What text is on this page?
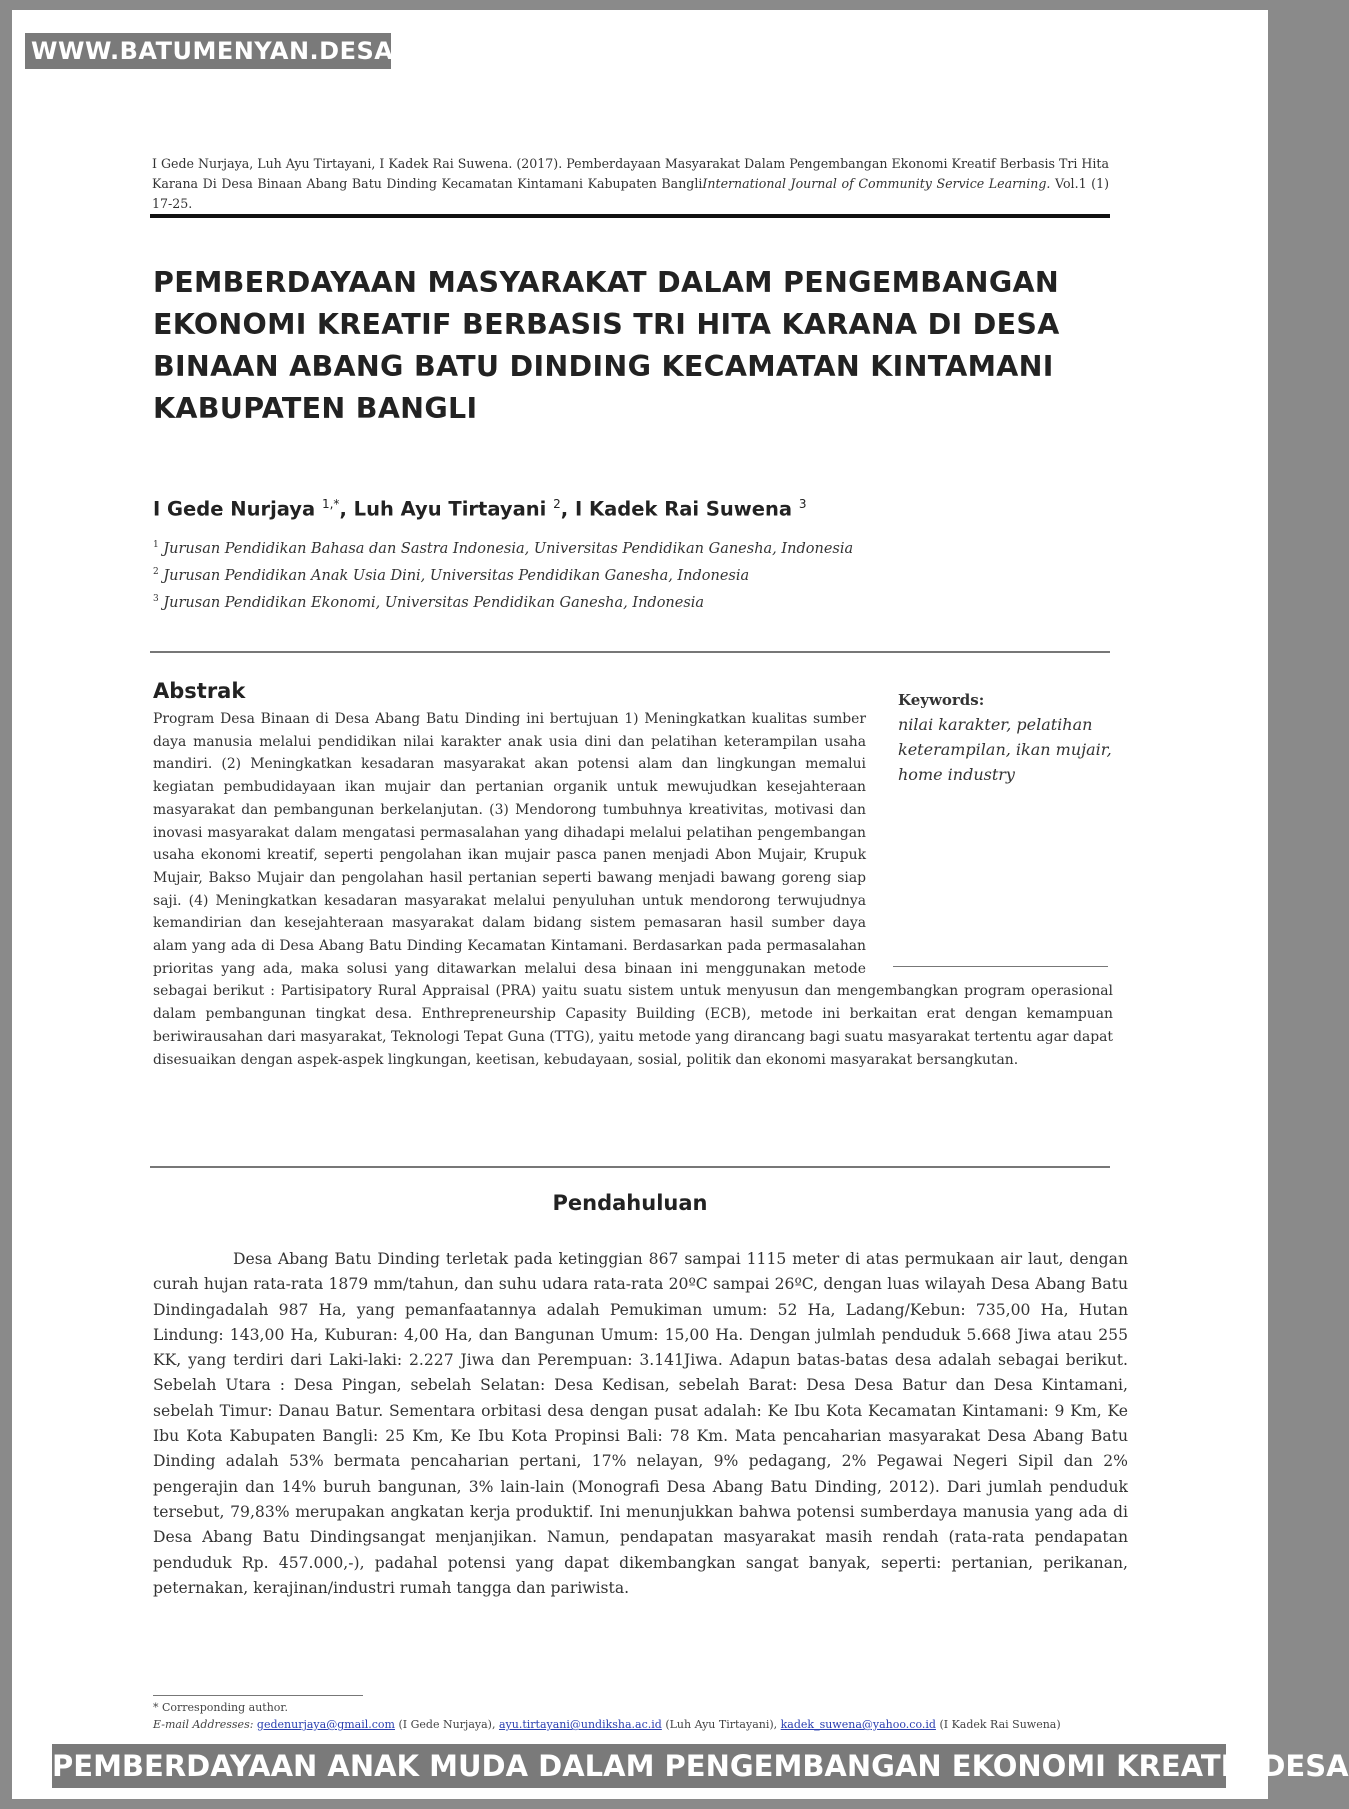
WWW.BATUMENYAN.DESA.ID
I Gede Nurjaya, Luh Ayu Tirtayani, I Kadek Rai Suwena. (2017). Pemberdayaan Masyarakat Dalam Pengembangan Ekonomi Kreatif Berbasis Tri Hita Karana Di Desa Binaan Abang Batu Dinding Kecamatan Kintamani Kabupaten BangliInternational Journal of Community Service Learning. Vol.1 (1) 17-25.
PEMBERDAYAAN MASYARAKAT DALAM PENGEMBANGAN EKONOMI KREATIF BERBASIS TRI HITA KARANA DI DESA BINAAN ABANG BATU DINDING KECAMATAN KINTAMANI KABUPATEN BANGLI
I Gede Nurjaya $^{1,*}$, Luh Ayu Tirtayani $^2$, I Kadek Rai Suwena $^3$
$^1$ Jurusan Pendidikan Bahasa dan Sastra Indonesia, Universitas Pendidikan Ganesha, Indonesia
$^2$ Jurusan Pendidikan Anak Usia Dini, Universitas Pendidikan Ganesha, Indonesia
$^3$ Jurusan Pendidikan Ekonomi, Universitas Pendidikan Ganesha, Indonesia
Abstrak
Program Desa Binaan di Desa Abang Batu Dinding ini bertujuan 1) Meningkatkan kualitas sumber daya manusia melalui pendidikan nilai karakter anak usia dini dan pelatihan keterampilan usaha mandiri. (2) Meningkatkan kesadaran masyarakat akan potensi alam dan lingkungan memalui kegiatan pembudidayaan ikan mujair dan pertanian organik untuk mewujudkan kesejahteraan masyarakat dan pembangunan berkelanjutan. (3) Mendorong tumbuhnya kreativitas, motivasi dan inovasi masyarakat dalam mengatasi permasalahan yang dihadapi melalui pelatihan pengembangan usaha ekonomi kreatif, seperti pengolahan ikan mujair pasca panen menjadi Abon Mujair, Krupuk Mujair, Bakso Mujair dan pengolahan hasil pertanian seperti bawang menjadi bawang goreng siap saji. (4) Meningkatkan kesadaran masyarakat melalui penyuluhan untuk mendorong terwujudnya kemandirian dan kesejahteraan masyarakat dalam bidang sistem pemasaran hasil sumber daya alam yang ada di Desa Abang Batu Dinding Kecamatan Kintamani. Berdasarkan pada permasalahan prioritas yang ada, maka solusi yang ditawarkan melalui desa binaan ini menggunakan metode sebagai berikut : Partisipatory Rural Appraisal (PRA) yaitu suatu sistem untuk menyusun dan mengembangkan program operasional dalam pembangunan tingkat desa. Enthrepreneurship Capasity Building (ECB), metode ini berkaitan erat dengan kemampuan beriwirausahan dari masyarakat, Teknologi Tepat Guna (TTG), yaitu metode yang dirancang bagi suatu masyarakat tertentu agar dapat disesuaikan dengan aspek-aspek lingkungan, keetisan, kebudayaan, sosial, politik dan ekonomi masyarakat bersangkutan.
Keywords:
nilai karakter, pelatihan keterampilan, ikan mujair, home industry
Pendahuluan
Desa Abang Batu Dinding terletak pada ketinggian 867 sampai 1115 meter di atas permukaan air laut, dengan curah hujan rata-rata 1879 mm/tahun, dan suhu udara rata-rata 20ºC sampai 26ºC, dengan luas wilayah Desa Abang Batu Dindingadalah 987 Ha, yang pemanfaatannya adalah Pemukiman umum: 52 Ha, Ladang/Kebun: 735,00 Ha, Hutan Lindung: 143,00 Ha, Kuburan: 4,00 Ha, dan Bangunan Umum: 15,00 Ha. Dengan julmlah penduduk 5.668 Jiwa atau 255 KK, yang terdiri dari Laki-laki: 2.227 Jiwa dan Perempuan: 3.141Jiwa. Adapun batas-batas desa adalah sebagai berikut. Sebelah Utara : Desa Pingan, sebelah Selatan: Desa Kedisan, sebelah Barat: Desa Desa Batur dan Desa Kintamani, sebelah Timur: Danau Batur. Sementara orbitasi desa dengan pusat adalah: Ke Ibu Kota Kecamatan Kintamani: 9 Km, Ke Ibu Kota Kabupaten Bangli: 25 Km, Ke Ibu Kota Propinsi Bali: 78 Km. Mata pencaharian masyarakat Desa Abang Batu Dinding adalah 53% bermata pencaharian pertani, 17% nelayan, 9% pedagang, 2% Pegawai Negeri Sipil dan 2% pengerajin dan 14% buruh bangunan, 3% lain-lain (Monografi Desa Abang Batu Dinding, 2012). Dari jumlah penduduk tersebut, 79,83% merupakan angkatan kerja produktif. Ini menunjukkan bahwa potensi sumberdaya manusia yang ada di Desa Abang Batu Dindingsangat menjanjikan. Namun, pendapatan masyarakat masih rendah (rata-rata pendapatan penduduk Rp. 457.000,-), padahal potensi yang dapat dikembangkan sangat banyak, seperti: pertanian, perikanan, peternakan, kerajinan/industri rumah tangga dan pariwista.
* Corresponding author.
E-mail Addresses: gedenurjaya@gmail.com (I Gede Nurjaya), ayu.tirtayani@undiksha.ac.id (Luh Ayu Tirtayani), kadek_suwena@yahoo.co.id (I Kadek Rai Suwena)
PEMBERDAYAAN ANAK MUDA DALAM PENGEMBANGAN EKONOMI KREATIF DESA
